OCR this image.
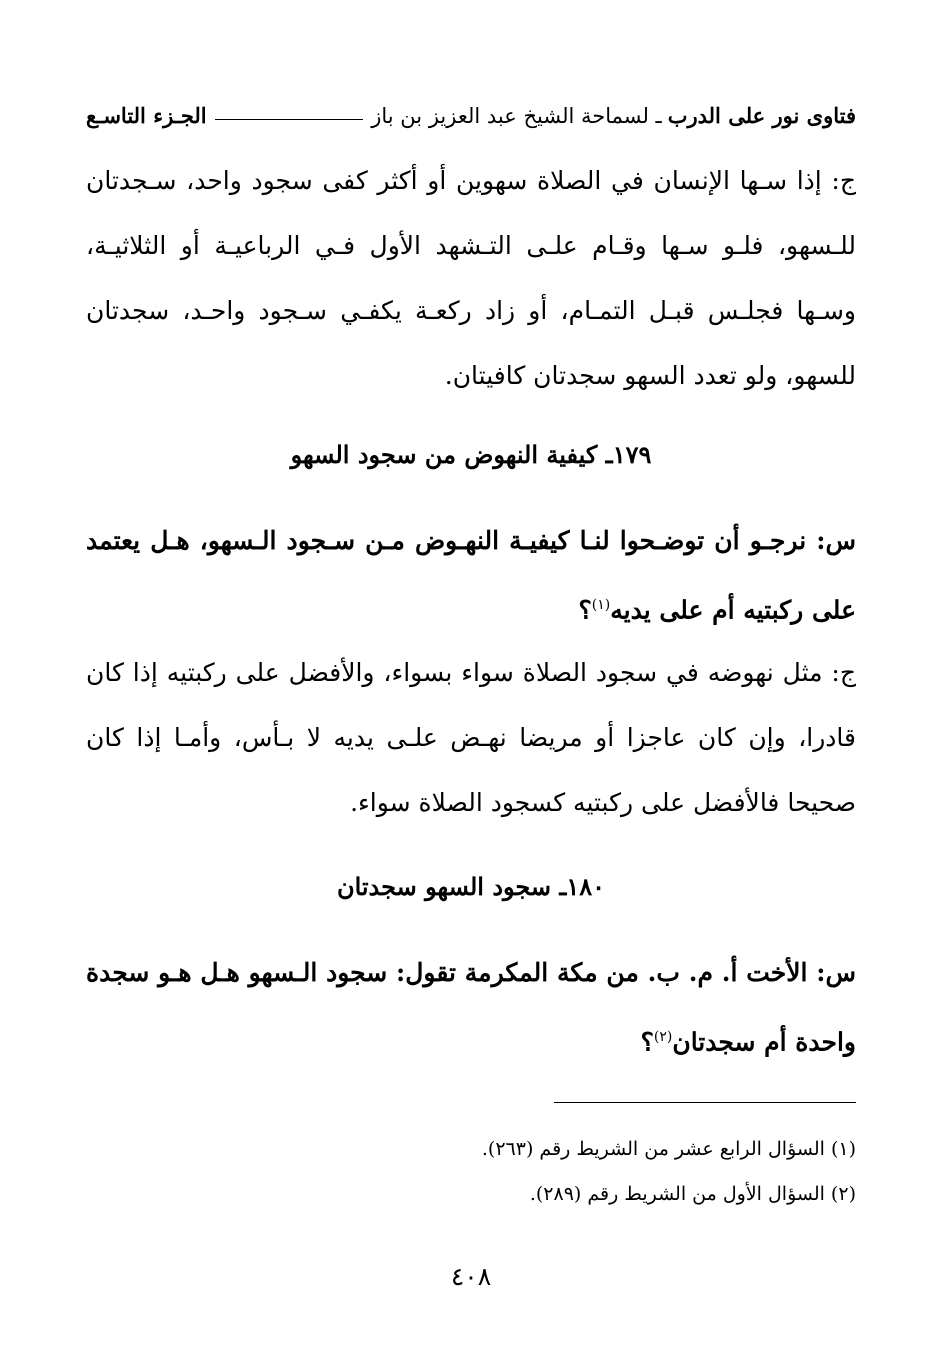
فتاوى نور على الدرب
ـ لسماحة الشيخ عبد العزيز بن باز
الجـزء التاسـع
ج: إذا سـها الإنسان في الصلاة سهوين أو أكثر كفى سجود واحد، سـجدتان للـسهو، فلـو سـها وقـام علـى التـشهد الأول فـي الرباعيـة أو الثلاثيـة، وسـها فجلـس قبـل التمـام، أو زاد ركعـة يكفـي سـجود واحـد، سجدتان للسهو، ولو تعدد السهو سجدتان كافيتان.
١٧٩ـ كيفية النهوض من سجود السهو
س: نرجـو أن توضـحوا لنـا كيفيـة النهـوض مـن سـجود الـسهو، هـل يعتمد على ركبتيه أم على يديه$^{(١)}$؟
ج: مثل نهوضه في سجود الصلاة سواء بسواء، والأفضل على ركبتيه إذا كان قادرا، وإن كان عاجزا أو مريضا نهـض علـى يديه لا بـأس، وأمـا إذا كان صحيحا فالأفضل على ركبتيه كسجود الصلاة سواء.
١٨٠ـ سجود السهو سجدتان
س: الأخت أ. م. ب. من مكة المكرمة تقول: سجود الـسهو هـل هـو سجدة واحدة أم سجدتان$^{(٢)}$؟
(١) السؤال الرابع عشر من الشريط رقم (٢٦٣).
(٢) السؤال الأول من الشريط رقم (٢٨٩).
٤٠٨
